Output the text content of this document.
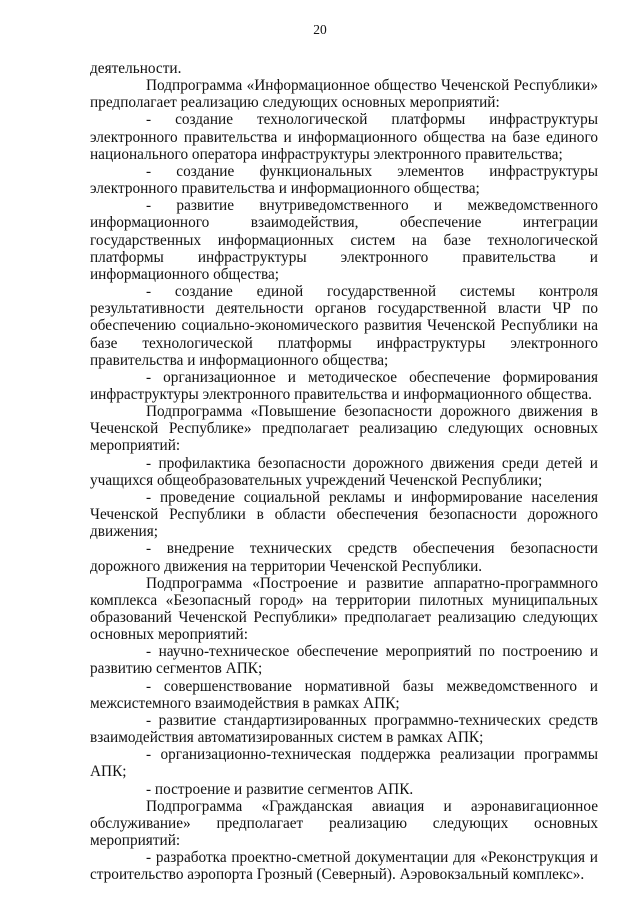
20

деятельности.

Подпрограмма «Информационное общество Чеченской Республики» предполагает реализацию следующих основных мероприятий:

- создание технологической платформы инфраструктуры электронного правительства и информационного общества на базе единого национального оператора инфраструктуры электронного правительства;

- создание функциональных элементов инфраструктуры электронного правительства и информационного общества;

- развитие внутриведомственного и межведомственного информационного взаимодействия, обеспечение интеграции государственных информационных систем на базе технологической платформы инфраструктуры электронного правительства и информационного общества;

- создание единой государственной системы контроля результативности деятельности органов государственной власти ЧР по обеспечению социально-экономического развития Чеченской Республики на базе технологической платформы инфраструктуры электронного правительства и информационного общества;

- организационное и методическое обеспечение формирования инфраструктуры электронного правительства и информационного общества.

Подпрограмма «Повышение безопасности дорожного движения в Чеченской Республике» предполагает реализацию следующих основных мероприятий:

- профилактика безопасности дорожного движения среди детей и учащихся общеобразовательных учреждений Чеченской Республики;

- проведение социальной рекламы и информирование населения Чеченской Республики в области обеспечения безопасности дорожного движения;

- внедрение технических средств обеспечения безопасности дорожного движения на территории Чеченской Республики.

Подпрограмма «Построение и развитие аппаратно-программного комплекса «Безопасный город» на территории пилотных муниципальных образований Чеченской Республики» предполагает реализацию следующих основных мероприятий:

- научно-техническое обеспечение мероприятий по построению и развитию сегментов АПК;

- совершенствование нормативной базы межведомственного и межсистемного взаимодействия в рамках АПК;

- развитие стандартизированных программно-технических средств взаимодействия автоматизированных систем в рамках АПК;

- организационно-техническая поддержка реализации программы АПК;

- построение и развитие сегментов АПК.

Подпрограмма «Гражданская авиация и аэронавигационное обслуживание» предполагает реализацию следующих основных мероприятий:

- разработка проектно-сметной документации для «Реконструкция и строительство аэропорта Грозный (Северный). Аэровокзальный комплекс».
